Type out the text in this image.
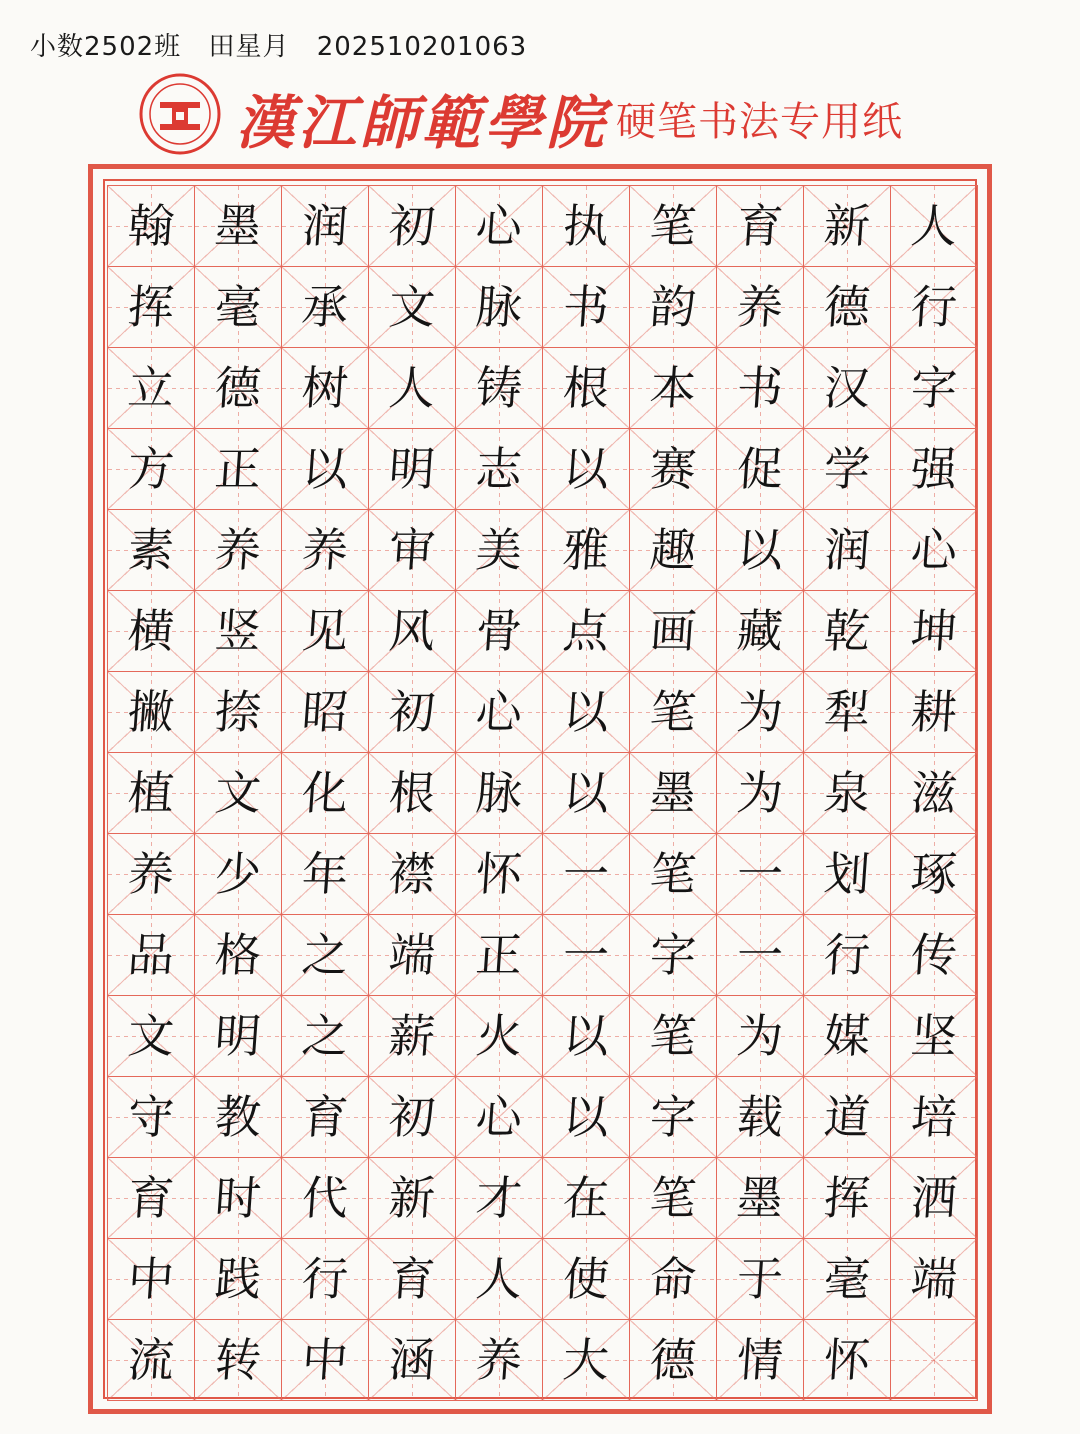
小数2502班 田星月 202510201063
漢江師範學院 硬笔书法专用纸
翰 墨 润 初 心 执 笔 育 新 人
挥 毫 承 文 脉 书 韵 养 德 行
立 德 树 人 铸 根 本 书 汉 字
方 正 以 明 志 以 赛 促 学 强
素 养 养 审 美 雅 趣 以 润 心
横 竖 见 风 骨 点 画 藏 乾 坤
撇 捺 昭 初 心 以 笔 为 犁 耕
植 文 化 根 脉 以 墨 为 泉 滋
养 少 年 襟 怀 一 笔 一 划 琢
品 格 之 端 正 一 字 一 行 传
文 明 之 薪 火 以 笔 为 媒 坚
守 教 育 初 心 以 字 载 道 培
育 时 代 新 才 在 笔 墨 挥 洒
中 践 行 育 人 使 命 于 毫 端
流 转 中 涵 养 大 德 情 怀
